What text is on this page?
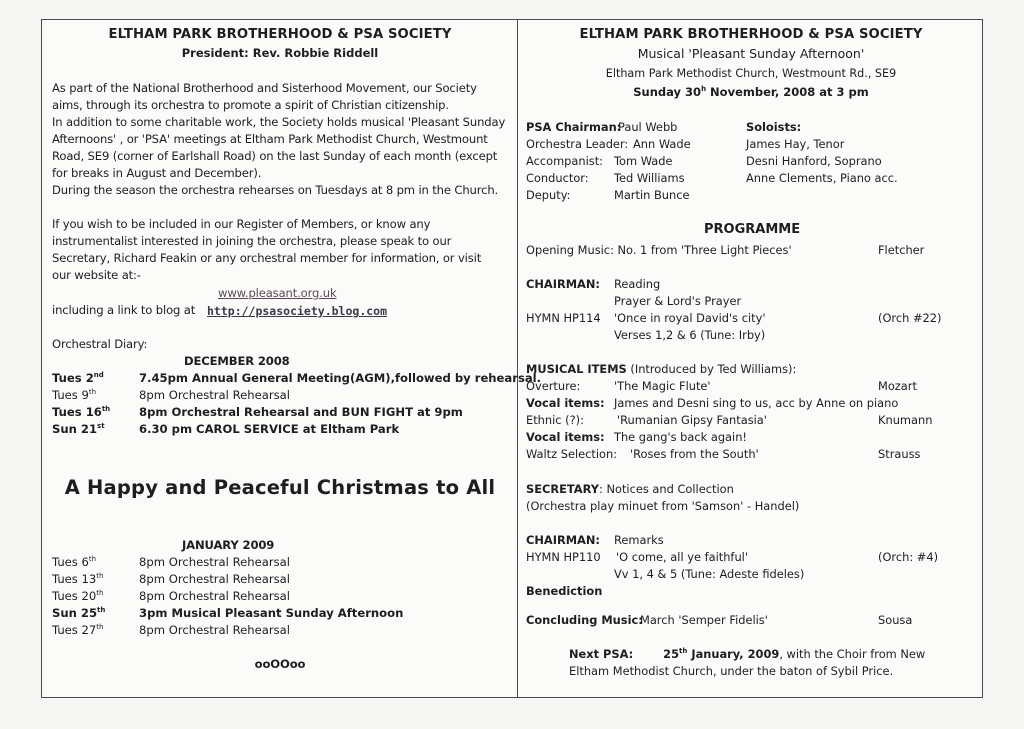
ELTHAM PARK BROTHERHOOD & PSA SOCIETY
President: Rev. Robbie Riddell
As part of the National Brotherhood and Sisterhood Movement, our Society
aims, through its orchestra to promote a spirit of Christian citizenship.
In addition to some charitable work, the Society holds musical 'Pleasant Sunday
Afternoons' , or 'PSA' meetings at Eltham Park Methodist Church, Westmount
Road, SE9 (corner of Earlshall Road) on the last Sunday of each month (except
for breaks in August and December).
During the season the orchestra rehearses on Tuesdays at 8 pm in the Church.
If you wish to be included in our Register of Members, or know any
instrumentalist interested in joining the orchestra, please speak to our
Secretary, Richard Feakin or any orchestral member for information, or visit
our website at:-
www.pleasant.org.uk
including a link to blog at http://psasociety.blog.com
Orchestral Diary:
DECEMBER 2008
Tues 2nd	7.45pm Annual General Meeting(AGM),followed by rehearsal.
Tues 9th	8pm Orchestral Rehearsal
Tues 16th 8pm Orchestral Rehearsal and BUN FIGHT at 9pm
Sun 21st	6.30 pm CAROL SERVICE at Eltham Park
A Happy and Peaceful Christmas to All
JANUARY 2009
Tues 6th	8pm Orchestral Rehearsal
Tues 13th	8pm Orchestral Rehearsal
Tues 20th	8pm Orchestral Rehearsal
Sun 25th	3pm Musical Pleasant Sunday Afternoon
Tues 27th	8pm Orchestral Rehearsal
ooOOoo
ELTHAM PARK BROTHERHOOD & PSA SOCIETY
Musical 'Pleasant Sunday Afternoon'
Eltham Park Methodist Church, Westmount Rd., SE9
Sunday 30$^h$ November, 2008 at 3 pm
PSA Chairman:
Paul Webb
Orchestra Leader: Ann Wade
Accompanist: Tom Wade
Conductor: Ted Williams
Deputy:	Martin Bunce
Soloists:
James Hay, Tenor
Desni Hanford, Soprano
Anne Clements, Piano acc.
PROGRAMME
Opening Music: No. 1 from 'Three Light Pieces'	Fletcher
CHAIRMAN: Reading
Prayer & Lord's Prayer
HYMN HP114 'Once in royal David's city'	(Orch #22)
Verses 1,2 & 6 (Tune: Irby)
MUSICAL ITEMS (Introduced by Ted Williams):
Overture:	'The Magic Flute'	Mozart
Vocal items: James and Desni sing to us, acc by Anne on piano
Ethnic (?):	'Rumanian Gipsy Fantasia'	Knumann
Vocal items: The gang's back again!
Waltz Selection: 'Roses from the South'	Strauss
SECRETARY: Notices and Collection
(Orchestra play minuet from 'Samson' - Handel)
CHAIRMAN: Remarks
HYMN HP110 'O come, all ye faithful'	(Orch: #4)
Vv 1, 4 & 5 (Tune: Adeste fideles)
Benediction
Concluding Music:
March 'Semper Fidelis'	Sousa
Next PSA:	25th January, 2009, with the Choir from New
Eltham Methodist Church, under the baton of Sybil Price.
